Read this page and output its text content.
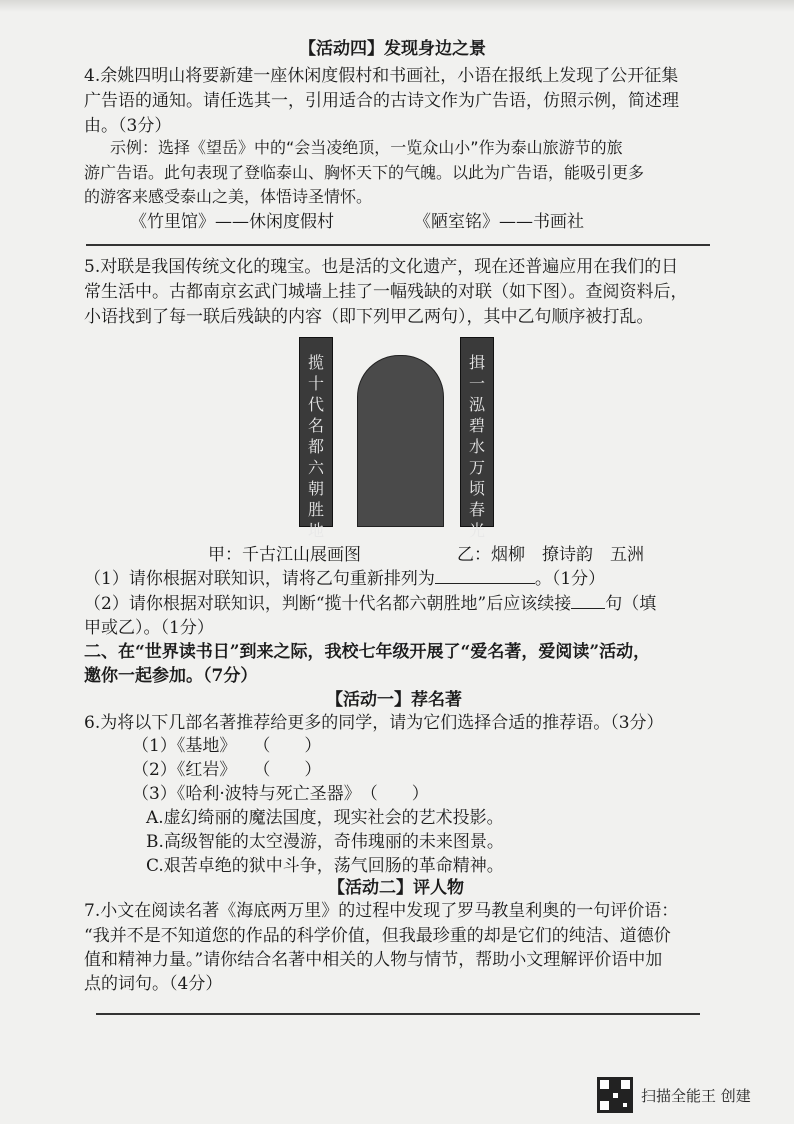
【活动四】发现身边之景
4.余姚四明山将要新建一座休闲度假村和书画社，小语在报纸上发现了公开征集
广告语的通知。请任选其一，引用适合的古诗文作为广告语，仿照示例，简述理
由。（3分）
示例：选择《望岳》中的“会当凌绝顶，一览众山小”作为泰山旅游节的旅
游广告语。此句表现了登临泰山、胸怀天下的气魄。以此为广告语，能吸引更多
的游客来感受泰山之美，体悟诗圣情怀。
《竹里馆》——休闲度假村	《陋室铭》——书画社
5.对联是我国传统文化的瑰宝。也是活的文化遗产，现在还普遍应用在我们的日
常生活中。古都南京玄武门城墙上挂了一幅残缺的对联（如下图）。查阅资料后，
小语找到了每一联后残缺的内容（即下列甲乙两句），其中乙句顺序被打乱。
揽
十
代
名
都
六
朝
胜
地
揖
一
泓
碧
水
万
顷
春
光
甲：千古江山展画图	乙：烟柳　撩诗韵　五洲
（1）请你根据对联知识，请将乙句重新排列为	。（1分）
（2）请你根据对联知识，判断“揽十代名都六朝胜地”后应该续接 句（填
甲或乙）。（1分）
二、在“世界读书日”到来之际，我校七年级开展了“爱名著，爱阅读”活动，
邀你一起参加。（7分）
【活动一】荐名著
6.为将以下几部名著推荐给更多的同学，请为它们选择合适的推荐语。（3分）
（1）《基地》　　（　　）
（2）《红岩》　　（　　）
（3）《哈利·波特与死亡圣器》　（　　）
A.虚幻绮丽的魔法国度，现实社会的艺术投影。
B.高级智能的太空漫游，奇伟瑰丽的未来图景。
C.艰苦卓绝的狱中斗争，荡气回肠的革命精神。
【活动二】评人物
7.小文在阅读名著《海底两万里》的过程中发现了罗马教皇利奥的一句评价语：
“我并不是不知道您的作品的科学价值，但我最珍重的却是它们的纯洁、道德价
值和精神力量。”请你结合名著中相关的人物与情节，帮助小文理解评价语中加
点的词句。（4分）
扫描全能王 创建
